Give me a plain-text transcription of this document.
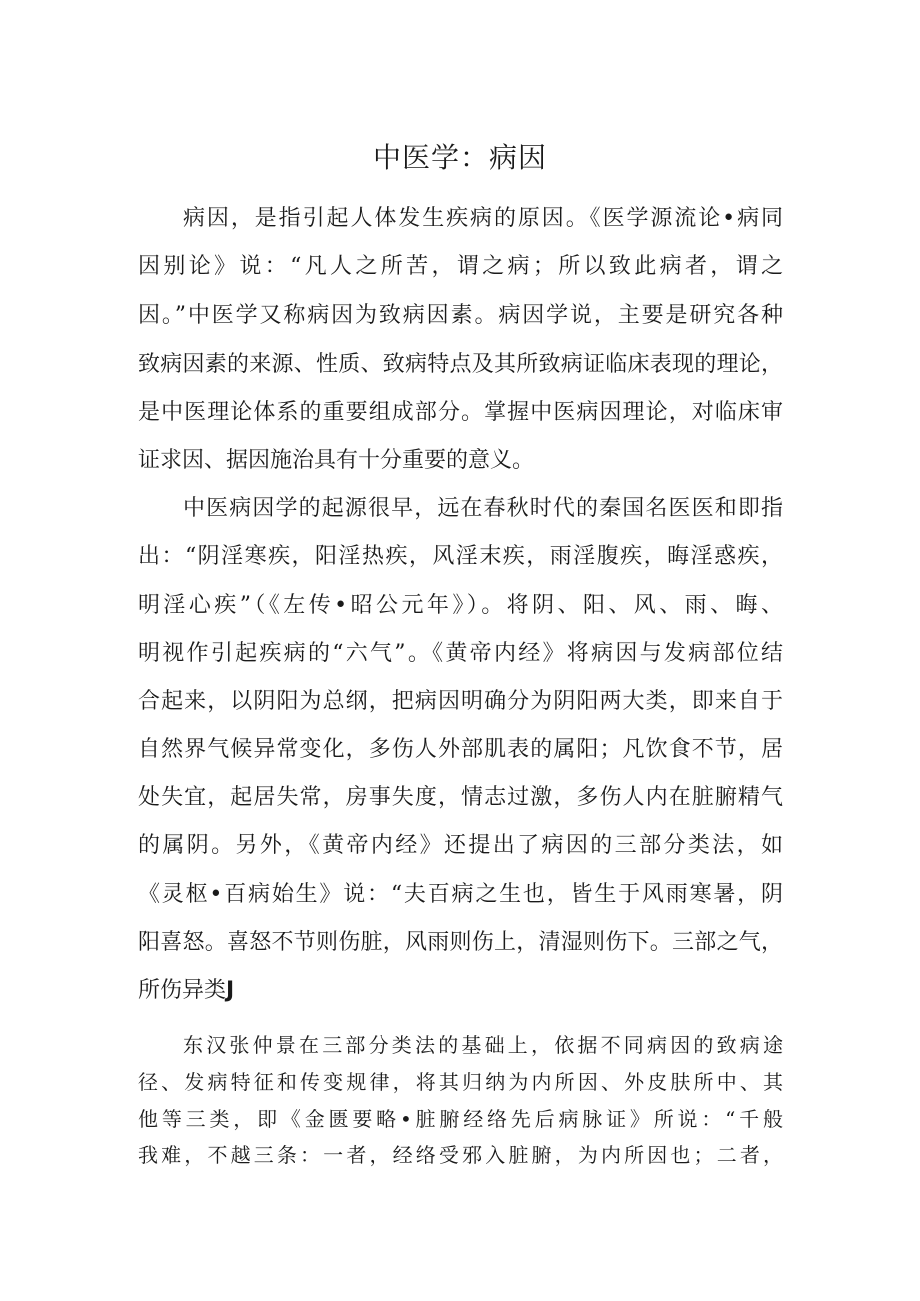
中医学：病因
病因，是指引起人体发生疾病的原因。《医学源流论•病同
因别论》说：“凡人之所苦，谓之病；所以致此病者，谓之
因。”中医学又称病因为致病因素。病因学说，主要是研究各种
致病因素的来源、性质、致病特点及其所致病证临床表现的理论，
是中医理论体系的重要组成部分。掌握中医病因理论，对临床审
证求因、据因施治具有十分重要的意义。
中医病因学的起源很早，远在春秋时代的秦国名医医和即指
出：“阴淫寒疾，阳淫热疾，风淫末疾，雨淫腹疾，晦淫惑疾，
明淫心疾”（《左传•昭公元年》）。将阴、阳、风、雨、晦、
明视作引起疾病的“六气”。《黄帝内经》将病因与发病部位结
合起来，以阴阳为总纲，把病因明确分为阴阳两大类，即来自于
自然界气候异常变化，多伤人外部肌表的属阳；凡饮食不节，居
处失宜，起居失常，房事失度，情志过激，多伤人内在脏腑精气
的属阴。另外，《黄帝内经》还提出了病因的三部分类法，如
《灵枢•百病始生》说：“夫百病之生也，皆生于风雨寒暑，阴
阳喜怒。喜怒不节则伤脏，风雨则伤上，清湿则伤下。三部之气，
所伤异类J
东汉张仲景在三部分类法的基础上，依据不同病因的致病途
径、发病特征和传变规律，将其归纳为内所因、外皮肤所中、其
他等三类，即《金匮要略•脏腑经络先后病脉证》所说：“千般
我难，不越三条：一者，经络受邪入脏腑，为内所因也；二者，
